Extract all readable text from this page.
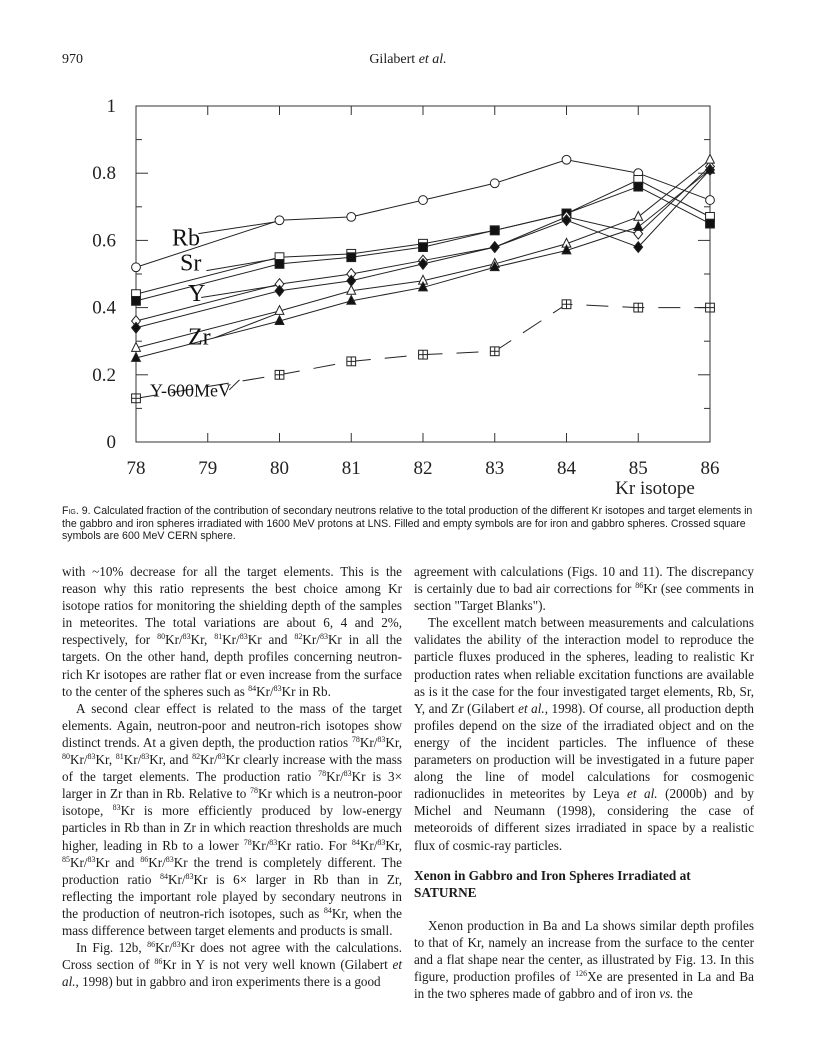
970	Gilabert et al.
78	79	80	81	82	83	84	85	86
0
0.2
0.4
0.6
0.8
1
Kr isotope
Rb
Sr
Y
Zr
Y-600MeV
Fig. 9. Calculated fraction of the contribution of secondary neutrons relative to the total production of the different Kr isotopes and target elements in the gabbro and iron spheres irradiated with 1600 MeV protons at LNS. Filled and empty symbols are for iron and gabbro spheres. Crossed square symbols are 600 MeV CERN sphere.

with ~10% decrease for all the target elements. This is the reason why this ratio represents the best choice among Kr isotope ratios for monitoring the shielding depth of the samples in meteorites. The total variations are about 6, 4 and 2%, respectively, for $^{80}$Kr/$^{83}$Kr, $^{81}$Kr/$^{83}$Kr and $^{82}$Kr/$^{83}$Kr in all the targets. On the other hand, depth profiles concerning neutron-rich Kr isotopes are rather flat or even increase from the surface to the center of the spheres such as $^{84}$Kr/$^{83}$Kr in Rb.

A second clear effect is related to the mass of the target elements. Again, neutron-poor and neutron-rich isotopes show distinct trends. At a given depth, the production ratios $^{78}$Kr/$^{83}$Kr, $^{80}$Kr/$^{83}$Kr, $^{81}$Kr/$^{83}$Kr, and $^{82}$Kr/$^{83}$Kr clearly increase with the mass of the target elements. The production ratio $^{78}$Kr/$^{83}$Kr is 3× larger in Zr than in Rb. Relative to $^{78}$Kr which is a neutron-poor isotope, $^{83}$Kr is more efficiently produced by low-energy particles in Rb than in Zr in which reaction thresholds are much higher, leading in Rb to a lower $^{78}$Kr/$^{83}$Kr ratio. For $^{84}$Kr/$^{83}$Kr, $^{85}$Kr/$^{83}$Kr and $^{86}$Kr/$^{83}$Kr the trend is completely different. The production ratio $^{84}$Kr/$^{83}$Kr is 6× larger in Rb than in Zr, reflecting the important role played by secondary neutrons in the production of neutron-rich isotopes, such as $^{84}$Kr, when the mass difference between target elements and products is small.

In Fig. 12b, $^{86}$Kr/$^{83}$Kr does not agree with the calculations. Cross section of $^{86}$Kr in Y is not very well known (Gilabert et al., 1998) but in gabbro and iron experiments there is a good

agreement with calculations (Figs. 10 and 11). The discrepancy is certainly due to bad air corrections for $^{86}$Kr (see comments in section "Target Blanks").

The excellent match between measurements and calculations validates the ability of the interaction model to reproduce the particle fluxes produced in the spheres, leading to realistic Kr production rates when reliable excitation functions are available as is it the case for the four investigated target elements, Rb, Sr, Y, and Zr (Gilabert et al., 1998). Of course, all production depth profiles depend on the size of the irradiated object and on the energy of the incident particles. The influence of these parameters on production will be investigated in a future paper along the line of model calculations for cosmogenic radionuclides in meteorites by Leya et al. (2000b) and by Michel and Neumann (1998), considering the case of meteoroids of different sizes irradiated in space by a realistic flux of cosmic-ray particles.

Xenon in Gabbro and Iron Spheres Irradiated at SATURNE

Xenon production in Ba and La shows similar depth profiles to that of Kr, namely an increase from the surface to the center and a flat shape near the center, as illustrated by Fig. 13. In this figure, production profiles of $^{126}$Xe are presented in La and Ba in the two spheres made of gabbro and of iron vs. the
